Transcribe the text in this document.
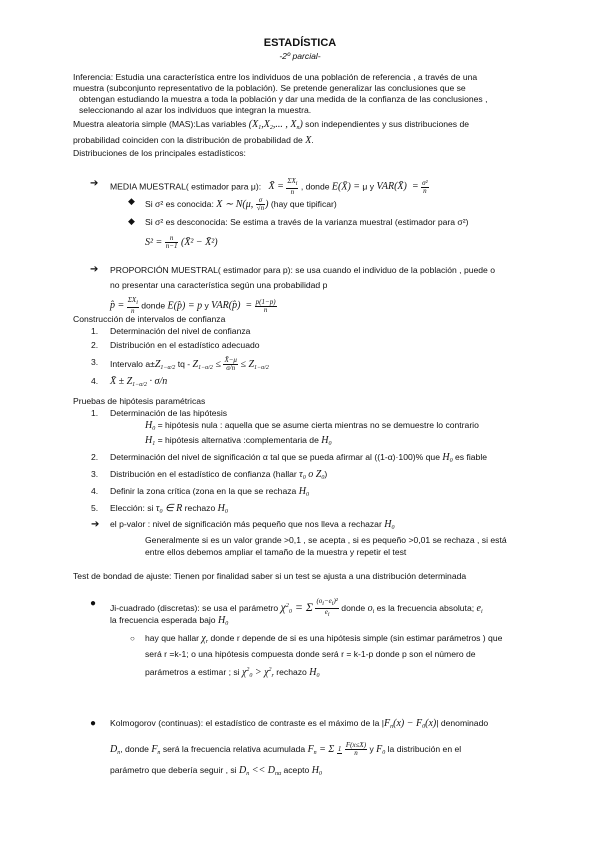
ESTADÍSTICA
-2º parcial-
Inferencia: Estudia una característica entre los individuos de una población de referencia , a través de una
muestra (subconjunto representativo de la población). Se pretende generalizar las conclusiones que se
obtengan estudiando la muestra a toda la población y dar una medida de la confianza de las conclusiones ,
seleccionando al azar los individuos que integran la muestra.
Muestra aleatoria simple (MAS):Las variables ($X_1,X_2$,... , $X_n$) son independientes y sus distribuciones de
probabilidad coinciden con la distribución de probabilidad de X.
Distribuciones de los principales estadísticos:
➔ MEDIA MUESTRAL( estimador para μ):   X̄ = $\frac{\text{ΣXi}}{n}$ , donde E(X̄) = μ y VAR(X̄)  = $\frac{\text{σ²}}{n}$
◆ Si σ² es conocida: X ∼ N(μ, $\frac{\sigma}{√n}$ ) (hay que tipificar)
◆ Si σ² es desconocida: Se estima a través de la varianza muestral (estimador para σ²)
$S^2 = \frac{n}{n-1}$ (X̄² − X̄²)
➔ PROPORCIÓN MUESTRAL( estimador para p): se usa cuando el individuo de la población , puede o
no presentar una característica según una probabilidad p
p̂ = $\frac{\text{ΣXi}}{n}$ donde E(p̂) = p y VAR(p̂)  = $\frac{p(1-p)}{n}$
Construcción de intervalos de confianza
1. Determinación del nivel de confianza
2. Distribución en el estadístico adecuado
3. Intervalo $a\pm Z_{1-\alpha/2}$ tq - $Z_{1-\alpha/2} \le \frac{X̄-\mu}{\sigma/n} \le Z_{1-\alpha/2}$
4. X̄ ± $Z_{1-\alpha/2} \cdot \sigma/n$
Pruebas de hipótesis paramétricas
1. Determinación de las hipótesis
$H_0$ = hipótesis nula : aquella que se asume cierta mientras no se demuestre lo contrario
$H_1$ = hipótesis alternativa :complementaria de $H_0$
2. Determinación del nivel de significación α tal que se pueda afirmar al ((1-α)·100)% que $H_0$ es fiable
3. Distribución en el estadístico de confianza (hallar $\tau_0$ o $Z_0$)
4. Definir la zona crítica (zona en la que se rechaza $H_0$
5. Elección: si $\tau_0$ ∈ R rechazo $H_0$
➔ el p-valor : nivel de significación más pequeño que nos lleva a rechazar $H_0$
Generalmente si es un valor grande >0,1 , se acepta , si es pequeño >0,01 se rechaza , si está
entre ellos debemos ampliar el tamaño de la muestra y repetir el test
Test de bondad de ajuste: Tienen por finalidad saber si un test se ajusta a una distribución determinada
● Ji-cuadrado (discretas): se usa el parámetro $\chi^2_0 = \Sigma \frac{\text{(oi−ei)²}}{ei}$ donde $o_i$ es la frecuencia absoluta; $e_i$
la frecuencia esperada bajo $H_0$
○ hay que hallar $\chi_r$ donde r depende de si es una hipótesis simple (sin estimar parámetros ) que
será r =k-1; o una hipótesis compuesta donde será r = k-1-p donde p son el número de
parámetros a estimar ; si $\chi^2_0 > \chi^2_r$ rechazo $H_0$
● Kolmogorov (continuas): el estadístico de contraste es el máximo de la $|F_n(x) - F_0(x)|$ denominado
$D_n$, donde $F_n$ será la frecuencia relativa acumulada $F_n = \Sigma$ 1
$\frac{F(x\le X)}{n}$ y $F_0$ la distribución en el
parámetro que debería seguir , si $D_n << D_{n\alpha}$ acepto $H_0$
